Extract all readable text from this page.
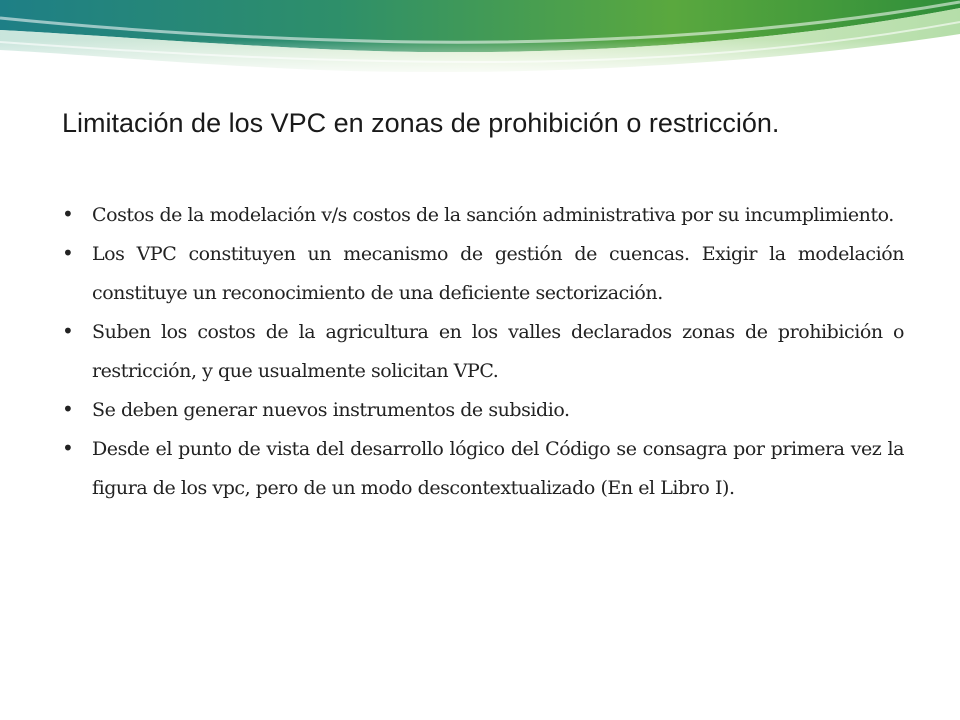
Limitación de los VPC en zonas de prohibición o restricción.
• Costos de la modelación v/s costos de la sanción administrativa por su incumplimiento.
• Los VPC constituyen un mecanismo de gestión de cuencas. Exigir la modelación constituye un reconocimiento de una deficiente sectorización.
• Suben los costos de la agricultura en los valles declarados zonas de prohibición o restricción, y que usualmente solicitan VPC.
• Se deben generar nuevos instrumentos de subsidio.
• Desde el punto de vista del desarrollo lógico del Código se consagra por primera vez la figura de los vpc, pero de un modo descontextualizado (En el Libro I).
